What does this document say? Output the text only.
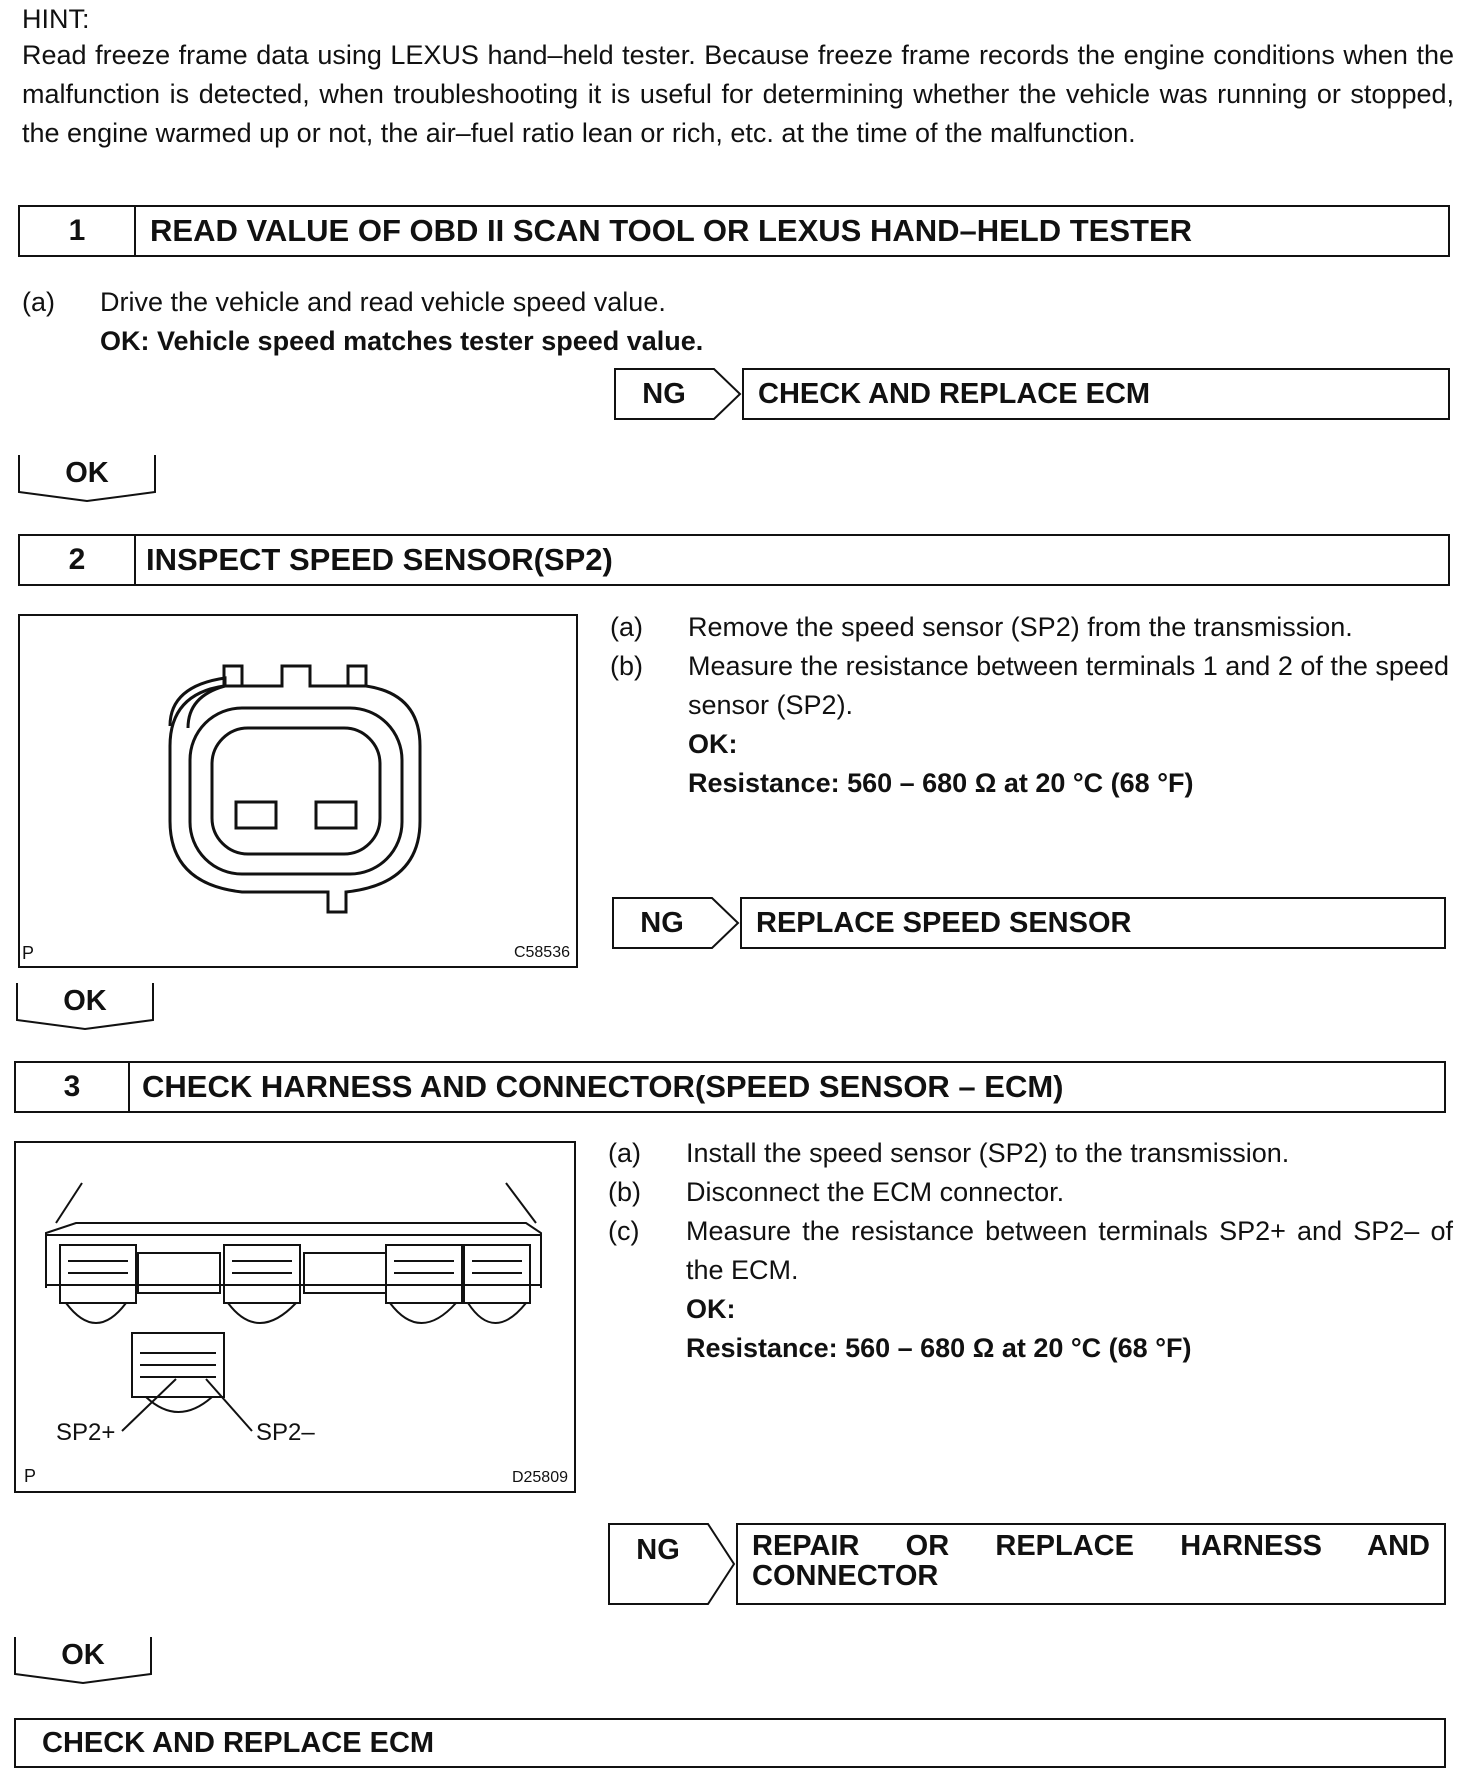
HINT:
Read freeze frame data using LEXUS hand–held tester. Because freeze frame records the engine conditions when the malfunction is detected, when troubleshooting it is useful for determining whether the vehicle was running or stopped, the engine warmed up or not, the air–fuel ratio lean or rich, etc. at the time of the malfunction.
1	READ VALUE OF OBD II SCAN TOOL OR LEXUS HAND–HELD TESTER
(a)	Drive the vehicle and read vehicle speed value.
OK: Vehicle speed matches tester speed value.
NG	CHECK AND REPLACE ECM
OK
2	INSPECT SPEED SENSOR(SP2)
P	C58536
(a)	Remove the speed sensor (SP2) from the transmission.
(b)	Measure the resistance between terminals 1 and 2 of the speed sensor (SP2).
OK:
Resistance: 560 – 680 Ω at 20 °C (68 °F)
NG	REPLACE SPEED SENSOR
OK
3	CHECK HARNESS AND CONNECTOR(SPEED SENSOR – ECM)
SP2+	SP2–
P	D25809
(a)	Install the speed sensor (SP2) to the transmission.
(b)	Disconnect the ECM connector.
(c)	Measure the resistance between terminals SP2+ and SP2– of the ECM.
OK:
Resistance: 560 – 680 Ω at 20 °C (68 °F)
NG	REPAIR OR REPLACE HARNESS AND
CONNECTOR
OK
CHECK AND REPLACE ECM
